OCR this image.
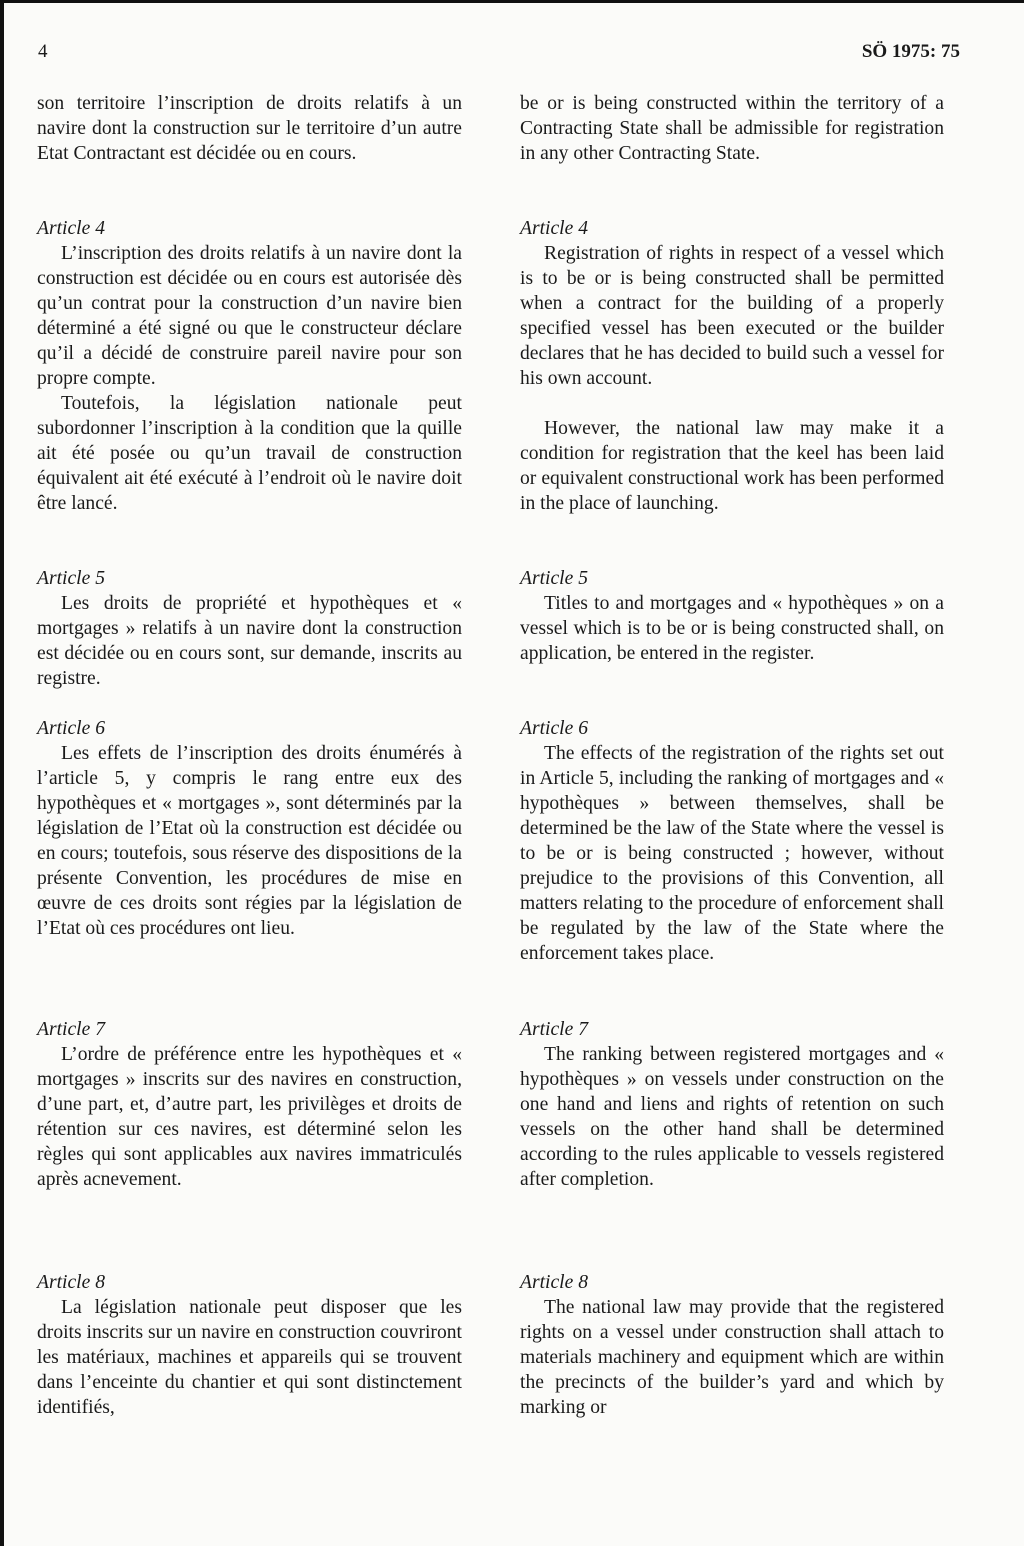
4	SÖ 1975: 75

son territoire l’inscription de droits relatifs à un navire dont la construction sur le territoire d’un autre Etat Contractant est décidée ou en cours.

Article 4

L’inscription des droits relatifs à un navire dont la construction est décidée ou en cours est autorisée dès qu’un contrat pour la construction d’un navire bien déterminé a été signé ou que le constructeur déclare qu’il a décidé de construire pareil navire pour son propre compte.

Toutefois, la législation nationale peut subordonner l’inscription à la condition que la quille ait été posée ou qu’un travail de construction équivalent ait été exécuté à l’endroit où le navire doit être lancé.

Article 5

Les droits de propriété et hypothèques et « mortgages » relatifs à un navire dont la construction est décidée ou en cours sont, sur demande, inscrits au registre.

Article 6

Les effets de l’inscription des droits énumérés à l’article 5, y compris le rang entre eux des hypothèques et « mortgages », sont déterminés par la législation de l’Etat où la construction est décidée ou en cours; toutefois, sous réserve des dispositions de la présente Convention, les procédures de mise en œuvre de ces droits sont régies par la législation de l’Etat où ces procédures ont lieu.

Article 7

L’ordre de préférence entre les hypothèques et « mortgages » inscrits sur des navires en construction, d’une part, et, d’autre part, les privilèges et droits de rétention sur ces navires, est déterminé selon les règles qui sont applicables aux navires immatriculés après acnevement.

Article 8

La législation nationale peut disposer que les droits inscrits sur un navire en construction couvriront les matériaux, machines et appareils qui se trouvent dans l’enceinte du chantier et qui sont distinctement identifiés,

be or is being constructed within the territory of a Contracting State shall be admissible for registration in any other Contracting State.

Article 4

Registration of rights in respect of a vessel which is to be or is being constructed shall be permitted when a contract for the building of a properly specified vessel has been executed or the builder declares that he has decided to build such a vessel for his own account.

However, the national law may make it a condition for registration that the keel has been laid or equivalent constructional work has been performed in the place of launching.

Article 5

Titles to and mortgages and « hypothèques » on a vessel which is to be or is being constructed shall, on application, be entered in the register.

Article 6

The effects of the registration of the rights set out in Article 5, including the ranking of mortgages and « hypothèques » between themselves, shall be determined be the law of the State where the vessel is to be or is being constructed ; however, without prejudice to the provisions of this Convention, all matters relating to the procedure of enforcement shall be regulated by the law of the State where the enforcement takes place.

Article 7

The ranking between registered mortgages and « hypothèques » on vessels under construction on the one hand and liens and rights of retention on such vessels on the other hand shall be determined according to the rules applicable to vessels registered after completion.

Article 8

The national law may provide that the registered rights on a vessel under construction shall attach to materials machinery and equipment which are within the precincts of the builder’s yard and which by marking or
